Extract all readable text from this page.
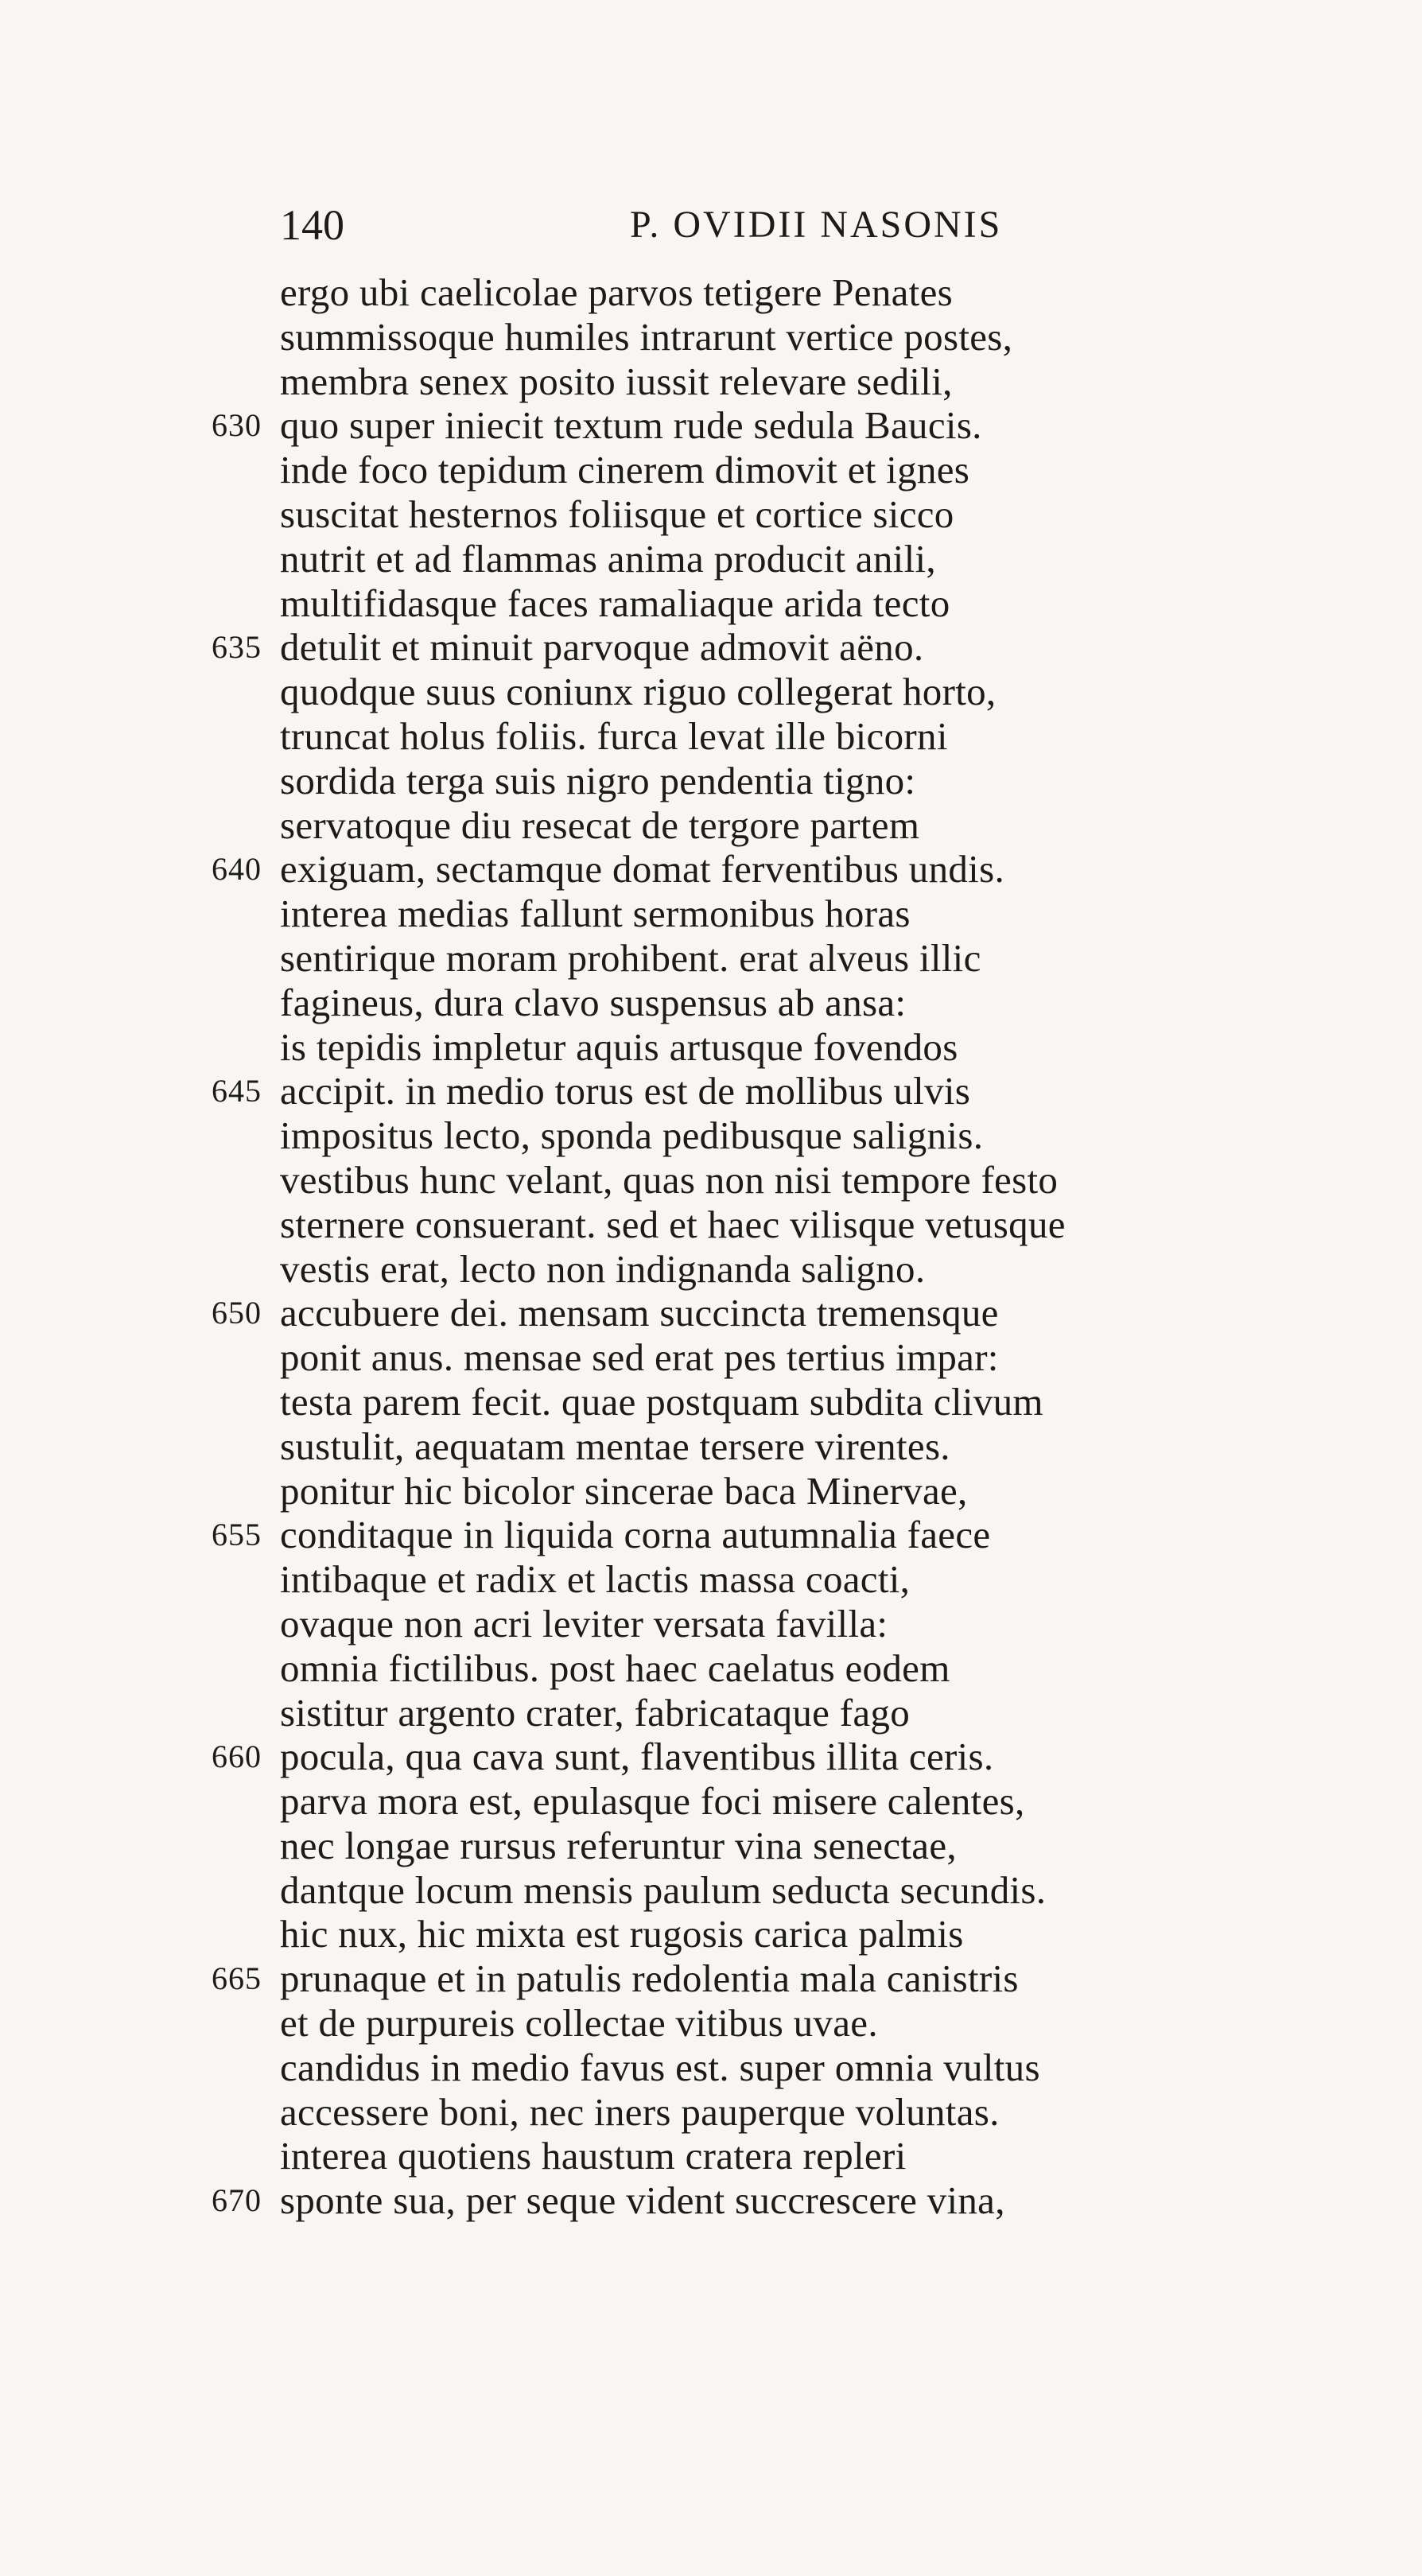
140	P. OVIDII NASONIS
ergo ubi caelicolae parvos tetigere Penates
summissoque humiles intrarunt vertice postes,
membra senex posito iussit relevare sedili,
630 quo super iniecit textum rude sedula Baucis.
inde foco tepidum cinerem dimovit et ignes
suscitat hesternos foliisque et cortice sicco
nutrit et ad flammas anima producit anili,
multifidasque faces ramaliaque arida tecto
635 detulit et minuit parvoque admovit aëno.
quodque suus coniunx riguo collegerat horto,
truncat holus foliis. furca levat ille bicorni
sordida terga suis nigro pendentia tigno:
servatoque diu resecat de tergore partem
640 exiguam, sectamque domat ferventibus undis.
interea medias fallunt sermonibus horas
sentirique moram prohibent. erat alveus illic
fagineus, dura clavo suspensus ab ansa:
is tepidis impletur aquis artusque fovendos
645 accipit. in medio torus est de mollibus ulvis
impositus lecto, sponda pedibusque salignis.
vestibus hunc velant, quas non nisi tempore festo
sternere consuerant. sed et haec vilisque vetusque
vestis erat, lecto non indignanda saligno.
650 accubuere dei. mensam succincta tremensque
ponit anus. mensae sed erat pes tertius impar:
testa parem fecit. quae postquam subdita clivum
sustulit, aequatam mentae tersere virentes.
ponitur hic bicolor sincerae baca Minervae,
655 conditaque in liquida corna autumnalia faece
intibaque et radix et lactis massa coacti,
ovaque non acri leviter versata favilla:
omnia fictilibus. post haec caelatus eodem
sistitur argento crater, fabricataque fago
660 pocula, qua cava sunt, flaventibus illita ceris.
parva mora est, epulasque foci misere calentes,
nec longae rursus referuntur vina senectae,
dantque locum mensis paulum seducta secundis.
hic nux, hic mixta est rugosis carica palmis
665 prunaque et in patulis redolentia mala canistris
et de purpureis collectae vitibus uvae.
candidus in medio favus est. super omnia vultus
accessere boni, nec iners pauperque voluntas.
interea quotiens haustum cratera repleri
670 sponte sua, per seque vident succrescere vina,
